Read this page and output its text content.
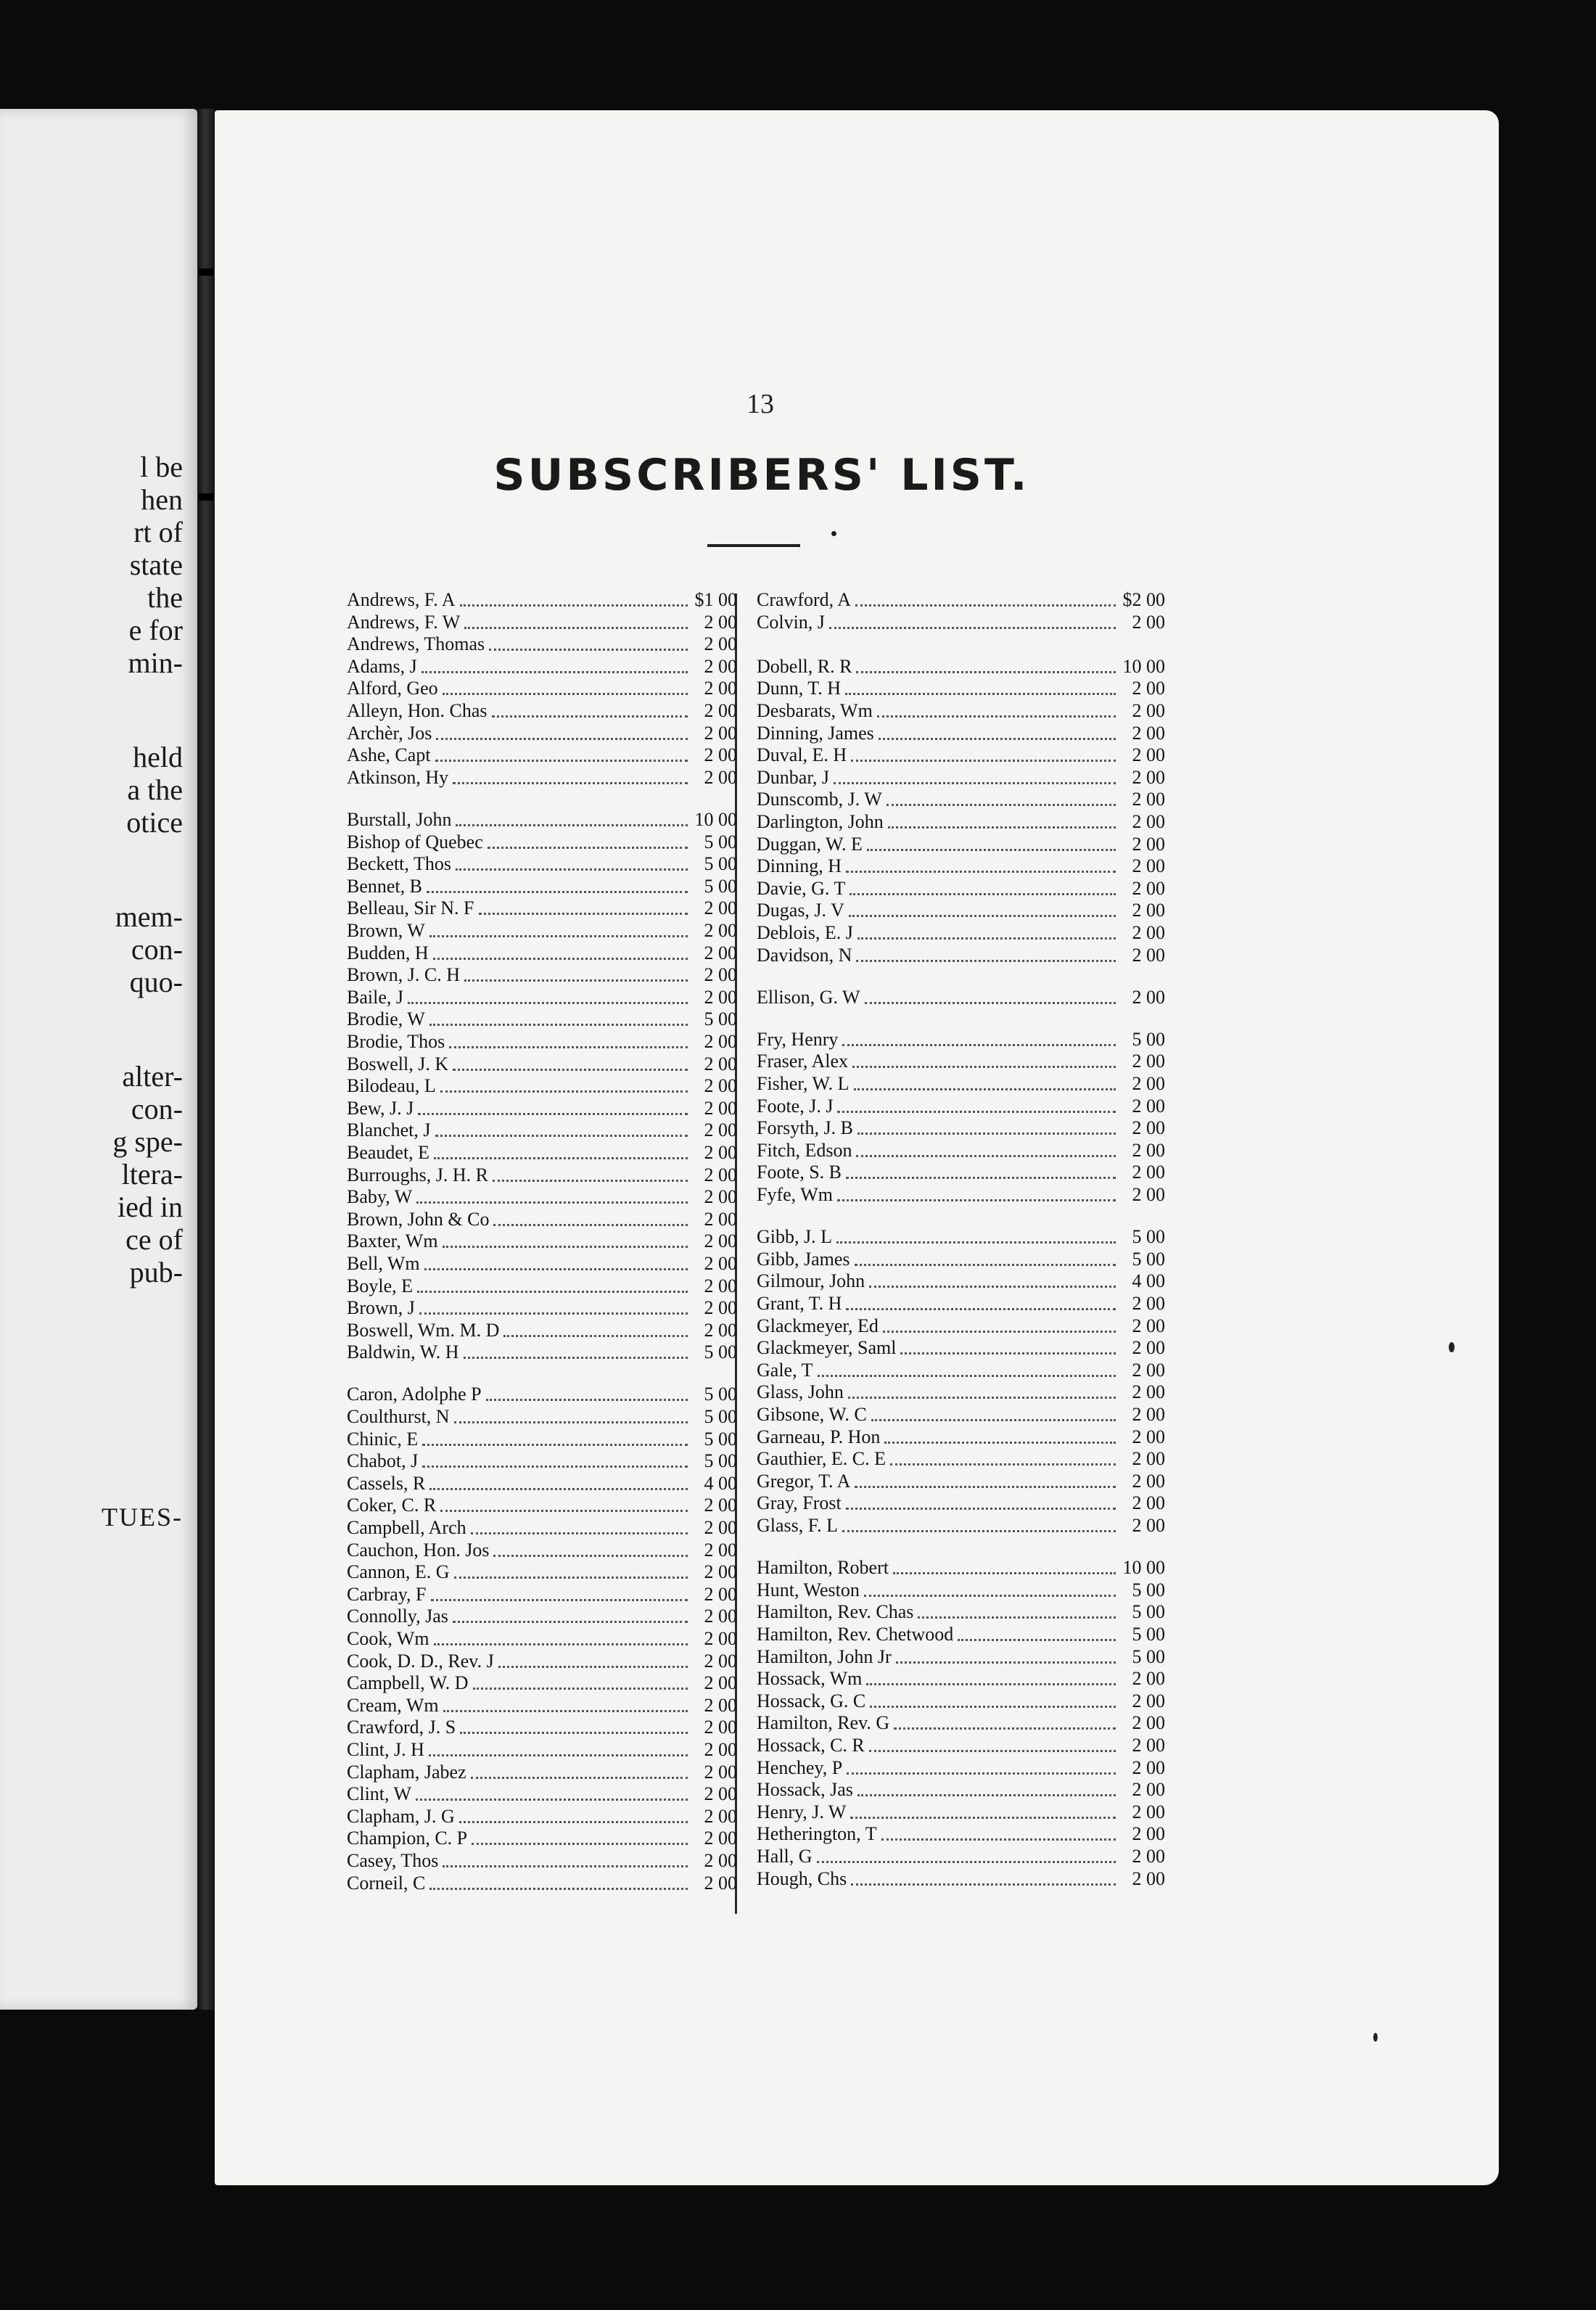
l be
hen
rt of
state
the
e for
min-
held
a the
otice
mem-
con-
quo-
alter-
con-
g spe-
ltera-
ied in
ce of
pub-
TUES-
13
SUBSCRIBERS' LIST.
Andrews, F. A	$1 00
Andrews, F. W	2 00
Andrews, Thomas	2 00
Adams, J	2 00
Alford, Geo	2 00
Alleyn, Hon. Chas	2 00
Archèr, Jos	2 00
Ashe, Capt	2 00
Atkinson, Hy	2 00
Burstall, John	10 00
Bishop of Quebec	5 00
Beckett, Thos	5 00
Bennet, B	5 00
Belleau, Sir N. F	2 00
Brown, W	2 00
Budden, H	2 00
Brown, J. C. H	2 00
Baile, J	2 00
Brodie, W	5 00
Brodie, Thos	2 00
Boswell, J. K	2 00
Bilodeau, L	2 00
Bew, J. J	2 00
Blanchet, J	2 00
Beaudet, E	2 00
Burroughs, J. H. R	2 00
Baby, W	2 00
Brown, John & Co	2 00
Baxter, Wm	2 00
Bell, Wm	2 00
Boyle, E	2 00
Brown, J	2 00
Boswell, Wm. M. D	2 00
Baldwin, W. H	5 00
Caron, Adolphe P	5 00
Coulthurst, N	5 00
Chinic, E	5 00
Chabot, J	5 00
Cassels, R	4 00
Coker, C. R	2 00
Campbell, Arch	2 00
Cauchon, Hon. Jos	2 00
Cannon, E. G	2 00
Carbray, F	2 00
Connolly, Jas	2 00
Cook, Wm	2 00
Cook, D. D., Rev. J	2 00
Campbell, W. D	2 00
Cream, Wm	2 00
Crawford, J. S	2 00
Clint, J. H	2 00
Clapham, Jabez	2 00
Clint, W	2 00
Clapham, J. G	2 00
Champion, C. P	2 00
Casey, Thos	2 00
Corneil, C	2 00
Crawford, A	$2 00
Colvin, J	2 00
Dobell, R. R	10 00
Dunn, T. H	2 00
Desbarats, Wm	2 00
Dinning, James	2 00
Duval, E. H	2 00
Dunbar, J	2 00
Dunscomb, J. W	2 00
Darlington, John	2 00
Duggan, W. E	2 00
Dinning, H	2 00
Davie, G. T	2 00
Dugas, J. V	2 00
Deblois, E. J	2 00
Davidson, N	2 00
Ellison, G. W	2 00
Fry, Henry	5 00
Fraser, Alex	2 00
Fisher, W. L	2 00
Foote, J. J	2 00
Forsyth, J. B	2 00
Fitch, Edson	2 00
Foote, S. B	2 00
Fyfe, Wm	2 00
Gibb, J. L	5 00
Gibb, James	5 00
Gilmour, John	4 00
Grant, T. H	2 00
Glackmeyer, Ed	2 00
Glackmeyer, Saml	2 00
Gale, T	2 00
Glass, John	2 00
Gibsone, W. C	2 00
Garneau, P. Hon	2 00
Gauthier, E. C. E	2 00
Gregor, T. A	2 00
Gray, Frost	2 00
Glass, F. L	2 00
Hamilton, Robert	10 00
Hunt, Weston	5 00
Hamilton, Rev. Chas	5 00
Hamilton, Rev. Chetwood	5 00
Hamilton, John Jr	5 00
Hossack, Wm	2 00
Hossack, G. C	2 00
Hamilton, Rev. G	2 00
Hossack, C. R	2 00
Henchey, P	2 00
Hossack, Jas	2 00
Henry, J. W	2 00
Hetherington, T	2 00
Hall, G	2 00
Hough, Chs	2 00
